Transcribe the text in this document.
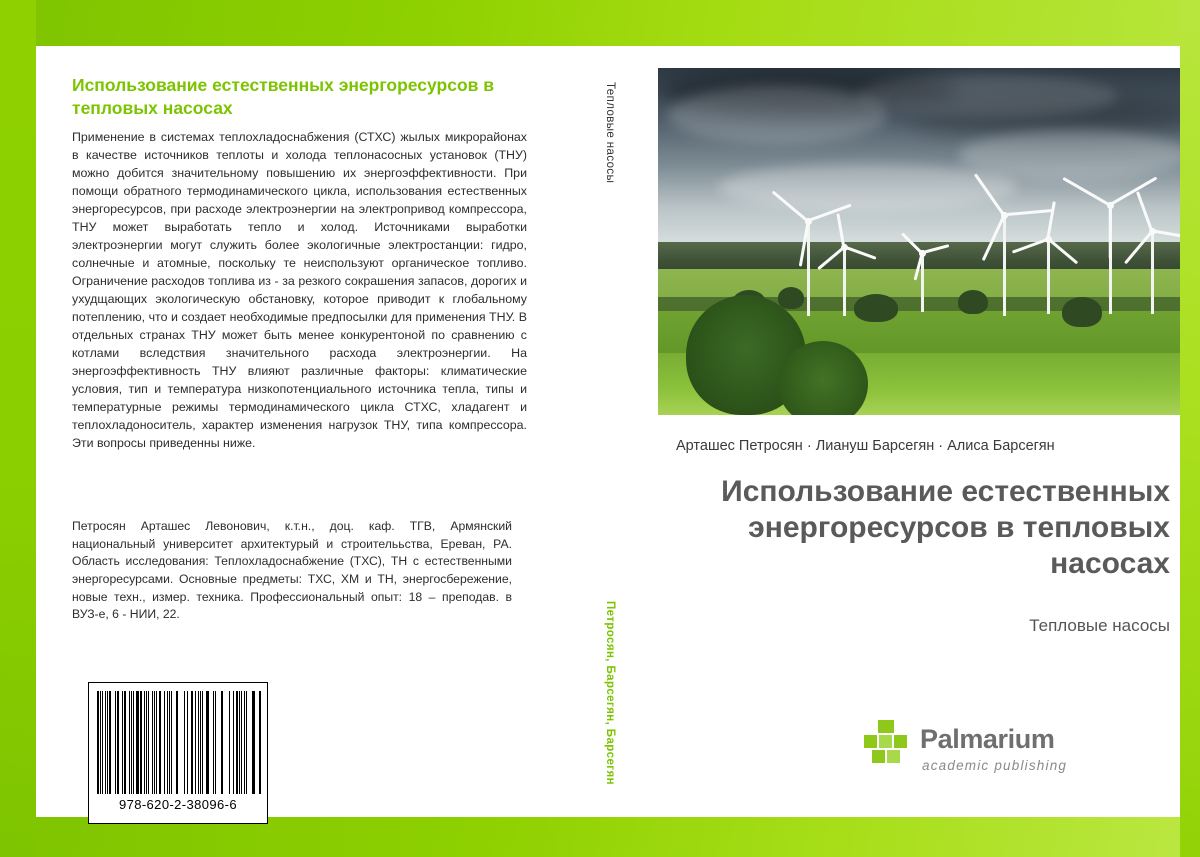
Использование естественных энергоресурсов в тепловых насосах
Применение в системах теплохладоснабжения (СТХС) жылых микрорайонах в качестве источников теплоты и холода теплонасосных установок (ТНУ) можно добится значительному повышению их энергоэффективности. При помощи обратного термодинамического цикла, использования естественных энергоресурсов, при расходе электроэнергии на электропривод компрессора, ТНУ может выработать тепло и холод. Источниками выработки электроэнергии могут служить более экологичные электростанции: гидро, солнечные и атомные, поскольку те неиспользуют органическое топливо. Ограничение расходов топлива из - за резкого сокрашения запасов, дорогих и ухудщающих экологическую обстановку, которое приводит к глобальному потеплению, что и создает необходимые предпосылки для применения ТНУ. В отдельных странах ТНУ может быть менее конкурентоной по сравнению с котлами вследствия значительного расхода электроэнергии. На энергоэффективность ТНУ влияют различные факторы: климатические условия, тип и температура низкопотенциального источника тепла, типы и температурные режимы термодинамического цикла СТХС, хладагент и теплохладоноситель, характер изменения нагрузок ТНУ, типа компрессора. Эти вопросы приведенны ниже.
Петросян Арташес Левонович, к.т.н., доц. каф. ТГВ, Армянский национальный университет архитектурый и строителььства, Ереван, РА. Область исследования: Теплохладоснабжение (ТХС), ТН с естественными энергоресурсами. Основные предметы: ТХС, ХМ и ТН, энергосбережение, новые техн., измер. техника. Профессиональный опыт: 18 – преподав. в ВУЗ-е, 6 - НИИ, 22.
978-620-2-38096-6
Тепловые насосы
Петросян, Барсегян, Барсегян
Арташес Петросян · Лиануш Барсегян · Алиса Барсегян
Использование естественных энергоресурсов в тепловых насосах
Тепловые насосы
Palmarium
academic publishing
